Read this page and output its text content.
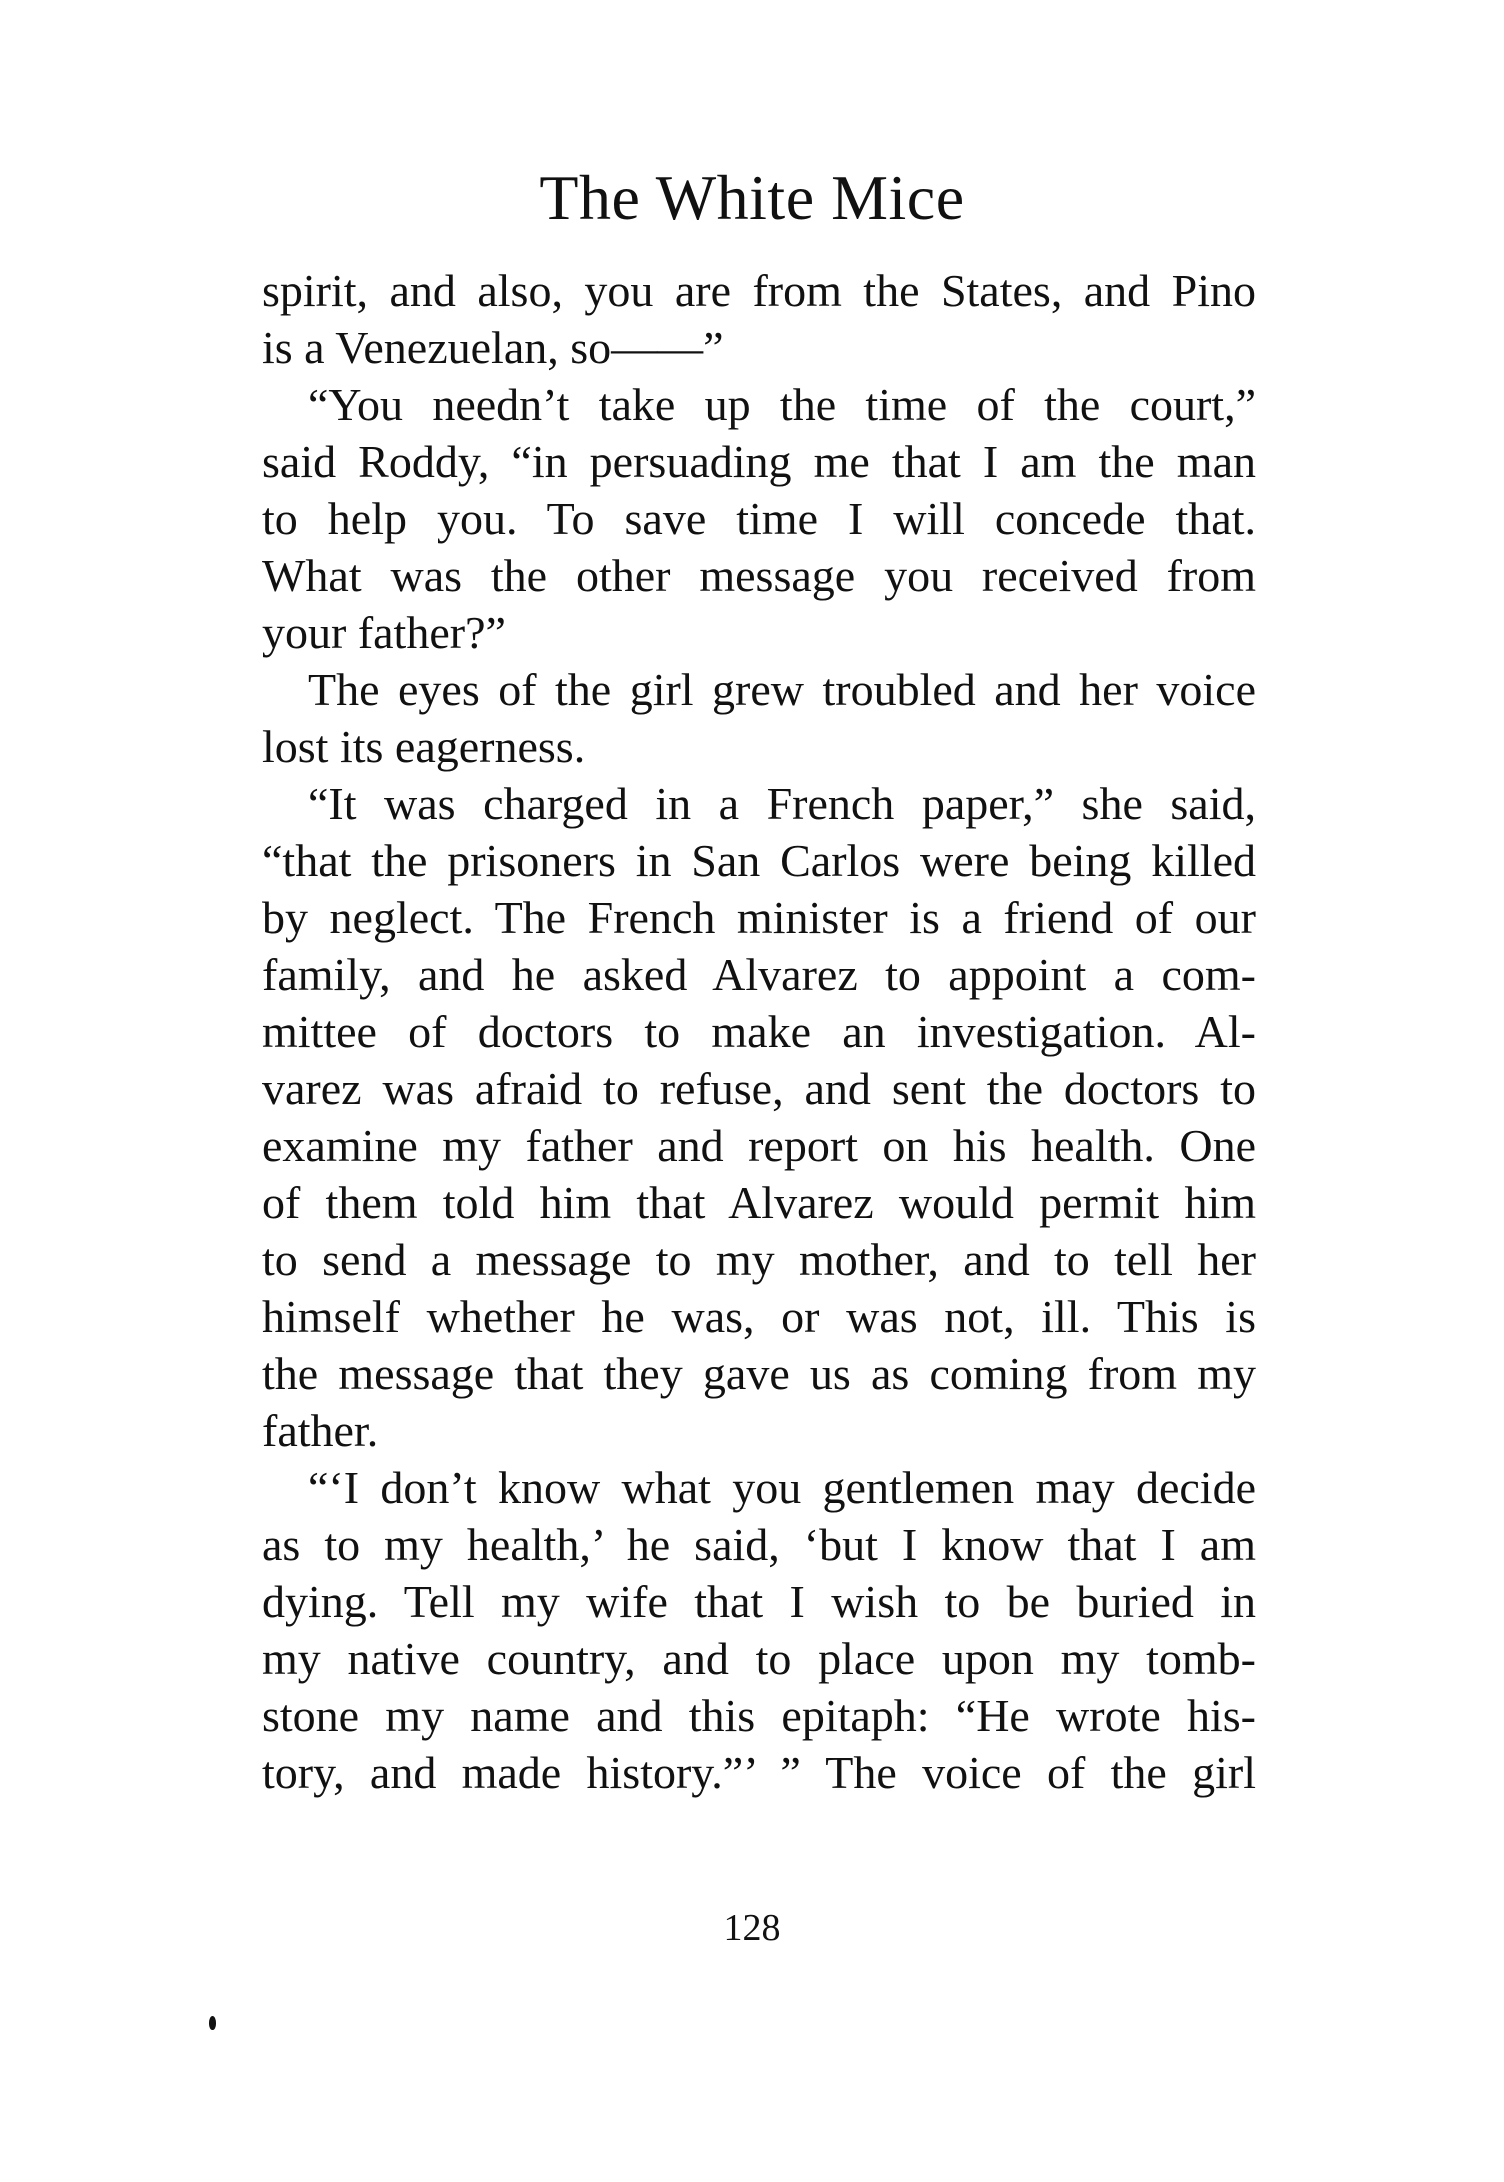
The White Mice
spirit, and also, you are from the States, and Pino
is a Venezuelan, so——”
“You needn’t take up the time of the court,”
said Roddy, “in persuading me that I am the man
to help you. To save time I will concede that.
What was the other message you received from
your father?”
The eyes of the girl grew troubled and her voice
lost its eagerness.
“It was charged in a French paper,” she said,
“that the prisoners in San Carlos were being killed
by neglect. The French minister is a friend of our
family, and he asked Alvarez to appoint a com-
mittee of doctors to make an investigation. Al-
varez was afraid to refuse, and sent the doctors to
examine my father and report on his health. One
of them told him that Alvarez would permit him
to send a message to my mother, and to tell her
himself whether he was, or was not, ill. This is
the message that they gave us as coming from my
father.
“‘I don’t know what you gentlemen may decide
as to my health,’ he said, ‘but I know that I am
dying. Tell my wife that I wish to be buried in
my native country, and to place upon my tomb-
stone my name and this epitaph: “He wrote his-
tory, and made history.”’ ” The voice of the girl
128
